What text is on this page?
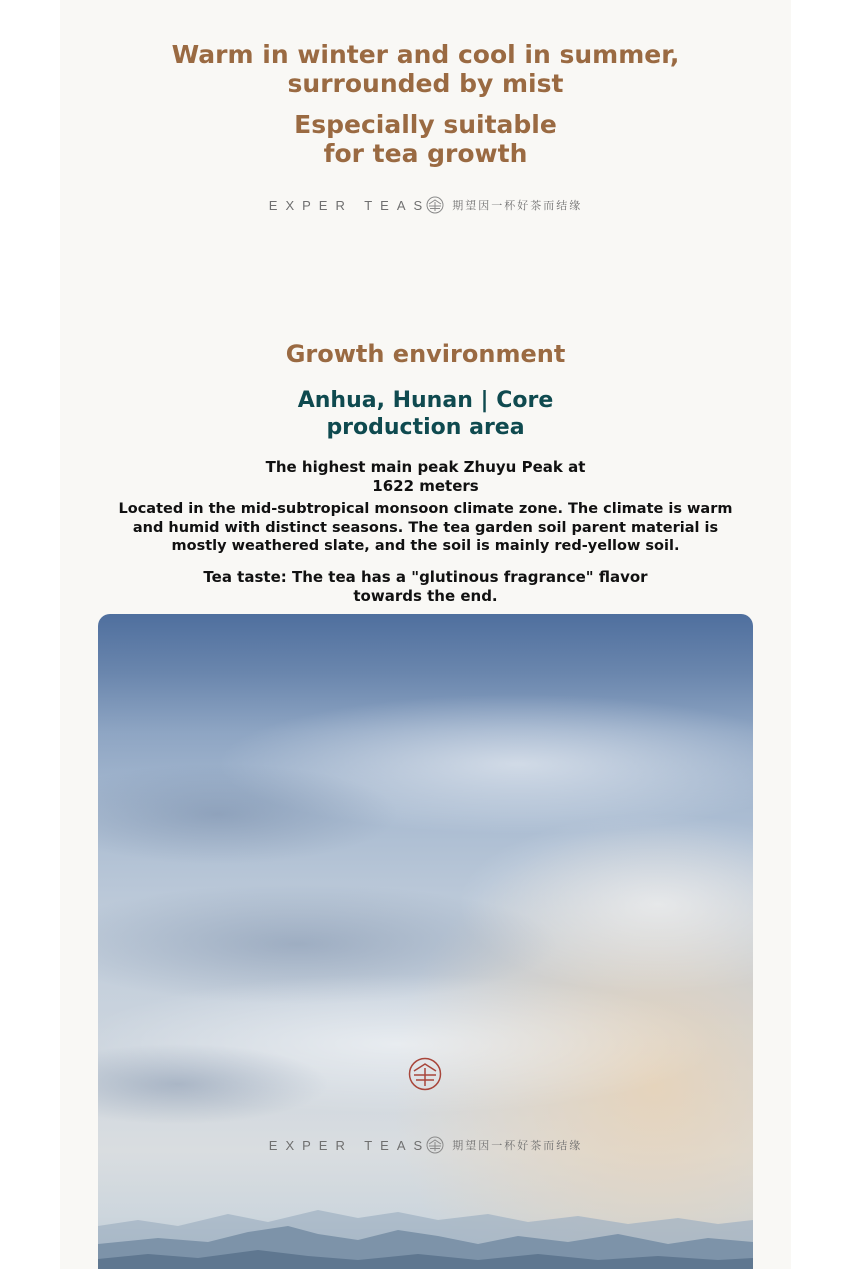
Warm in winter and cool in summer,
surrounded by mist
Especially suitable
for tea growth
EXPER TEAS 期望因一杯好茶而结缘
Growth environment
Anhua, Hunan | Core
production area

The highest main peak Zhuyu Peak at
1622 meters

Located in the mid-subtropical monsoon climate zone. The climate is warm
and humid with distinct seasons. The tea garden soil parent material is
mostly weathered slate, and the soil is mainly red-yellow soil.

Tea taste: The tea has a "glutinous fragrance" flavor
towards the end.

EXPER TEAS 期望因一杯好茶而结缘
